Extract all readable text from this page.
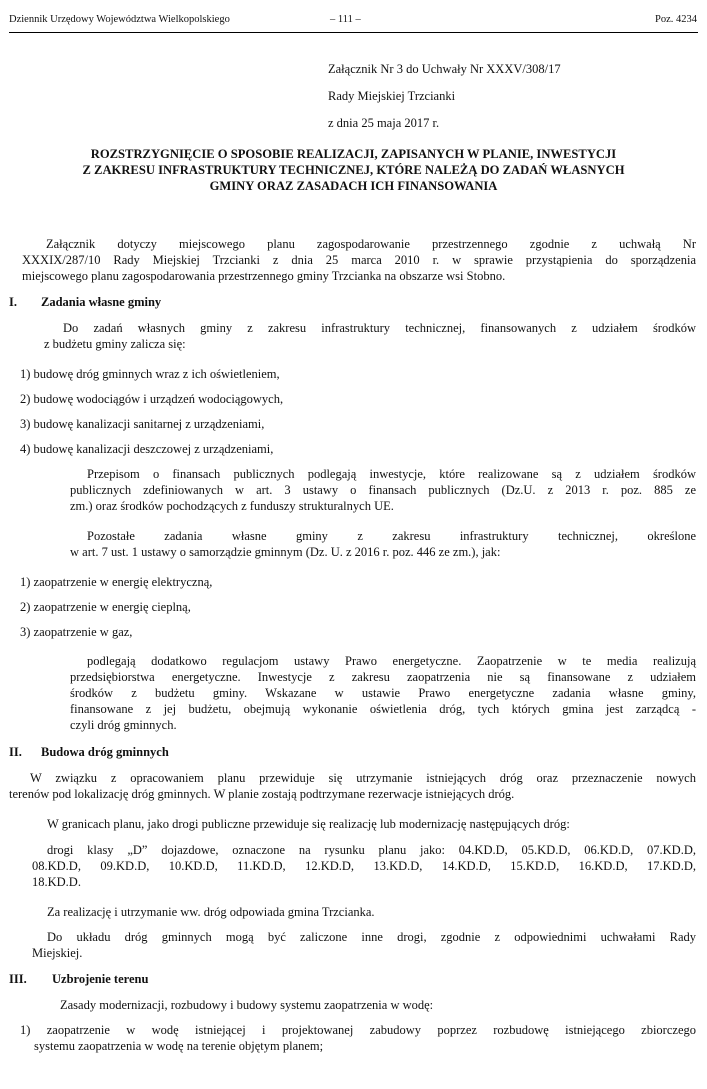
Dziennik Urzędowy Województwa Wielkopolskiego	– 111 –	Poz. 4234
Załącznik Nr 3 do Uchwały Nr XXXV/308/17
Rady Miejskiej Trzcianki
z dnia 25 maja 2017 r.
ROZSTRZYGNIĘCIE O SPOSOBIE REALIZACJI, ZAPISANYCH W PLANIE, INWESTYCJI
Z ZAKRESU INFRASTRUKTURY TECHNICZNEJ, KTÓRE NALEŻĄ DO ZADAŃ WŁASNYCH
GMINY ORAZ ZASADACH ICH FINANSOWANIA
Załącznik dotyczy miejscowego planu zagospodarowanie przestrzennego zgodnie z uchwałą Nr
XXXIX/287/10 Rady Miejskiej Trzcianki z dnia 25 marca 2010 r. w sprawie przystąpienia do sporządzenia
miejscowego planu zagospodarowania przestrzennego gminy Trzcianka na obszarze wsi Stobno.
I. Zadania własne gminy
Do zadań własnych gminy z zakresu infrastruktury technicznej, finansowanych z udziałem środków
z budżetu gminy zalicza się:
1) budowę dróg gminnych wraz z ich oświetleniem,
2) budowę wodociągów i urządzeń wodociągowych,
3) budowę kanalizacji sanitarnej z urządzeniami,
4) budowę kanalizacji deszczowej z urządzeniami,
Przepisom o finansach publicznych podlegają inwestycje, które realizowane są z udziałem środków
publicznych zdefiniowanych w art. 3 ustawy o finansach publicznych (Dz.U. z 2013 r. poz. 885 ze
zm.) oraz środków pochodzących z funduszy strukturalnych UE.
Pozostałe zadania własne gminy z zakresu infrastruktury technicznej, określone
w art. 7 ust. 1 ustawy o samorządzie gminnym (Dz. U. z 2016 r. poz. 446 ze zm.), jak:
1) zaopatrzenie w energię elektryczną,
2) zaopatrzenie w energię cieplną,
3) zaopatrzenie w gaz,
podlegają dodatkowo regulacjom ustawy Prawo energetyczne. Zaopatrzenie w te media realizują
przedsiębiorstwa energetyczne. Inwestycje z zakresu zaopatrzenia nie są finansowane z udziałem
środków z budżetu gminy. Wskazane w ustawie Prawo energetyczne zadania własne gminy,
finansowane z jej budżetu, obejmują wykonanie oświetlenia dróg, tych których gmina jest zarządcą -
czyli dróg gminnych.
II. Budowa dróg gminnych
W związku z opracowaniem planu przewiduje się utrzymanie istniejących dróg oraz przeznaczenie nowych
terenów pod lokalizację dróg gminnych. W planie zostają podtrzymane rezerwacje istniejących dróg.
W granicach planu, jako drogi publiczne przewiduje się realizację lub modernizację następujących dróg:
drogi klasy „D” dojazdowe, oznaczone na rysunku planu jako: 04.KD.D, 05.KD.D, 06.KD.D, 07.KD.D,
08.KD.D, 09.KD.D, 10.KD.D, 11.KD.D, 12.KD.D, 13.KD.D, 14.KD.D, 15.KD.D, 16.KD.D, 17.KD.D,
18.KD.D.
Za realizację i utrzymanie ww. dróg odpowiada gmina Trzcianka.
Do układu dróg gminnych mogą być zaliczone inne drogi, zgodnie z odpowiednimi uchwałami Rady
Miejskiej.
III. Uzbrojenie terenu
Zasady modernizacji, rozbudowy i budowy systemu zaopatrzenia w wodę:
1) zaopatrzenie w wodę istniejącej i projektowanej zabudowy poprzez rozbudowę istniejącego zbiorczego
systemu zaopatrzenia w wodę na terenie objętym planem;
